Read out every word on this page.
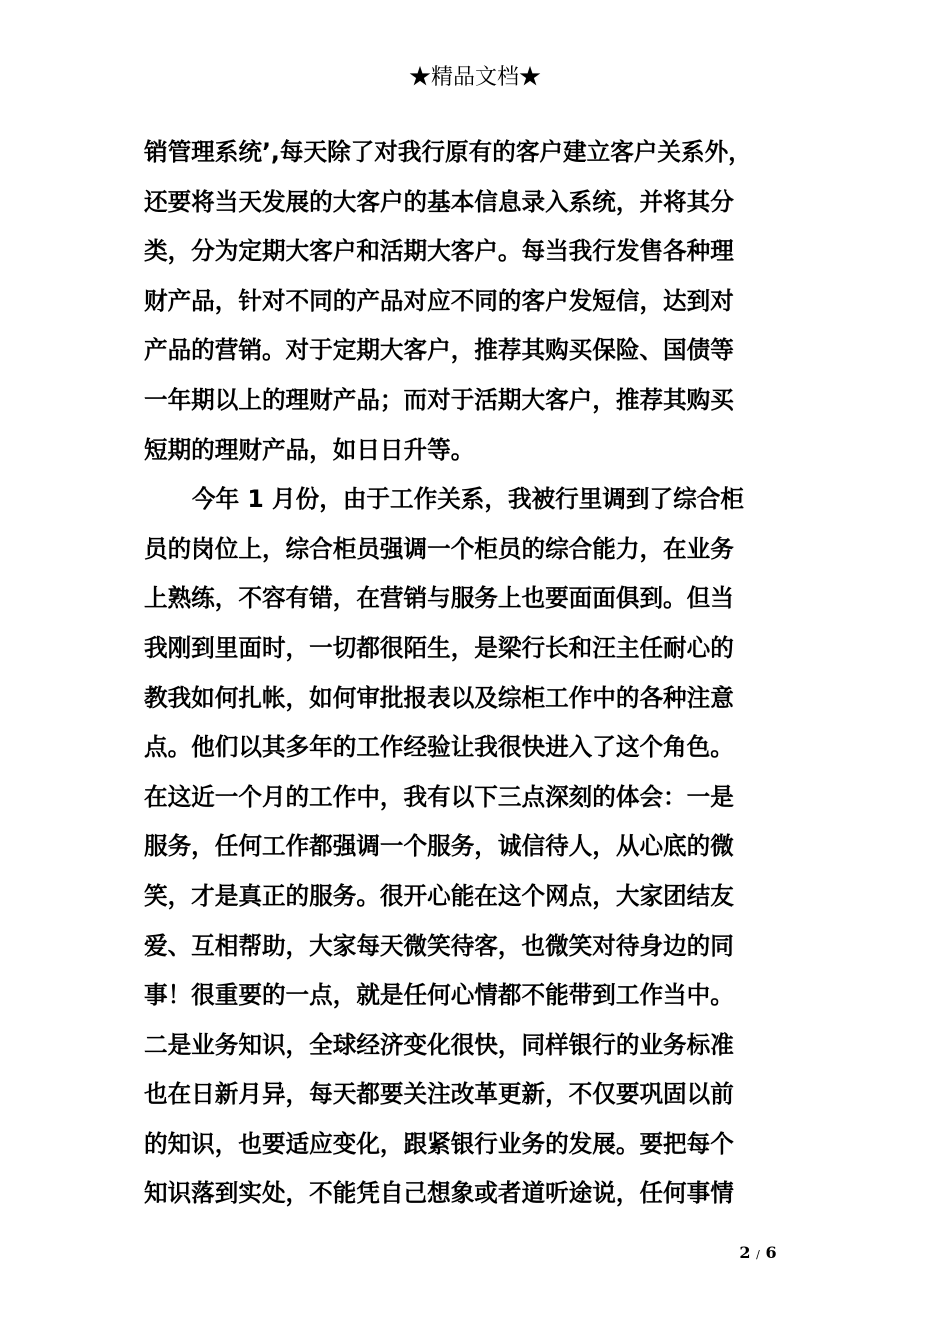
★精品文档★
销管理系统’,每天除了对我行原有的客户建立客户关系外，
还要将当天发展的大客户的基本信息录入系统，并将其分
类，分为定期大客户和活期大客户。每当我行发售各种理
财产品，针对不同的产品对应不同的客户发短信，达到对
产品的营销。对于定期大客户，推荐其购买保险、国债等
一年期以上的理财产品；而对于活期大客户，推荐其购买
短期的理财产品，如日日升等。
今年 1 月份，由于工作关系，我被行里调到了综合柜
员的岗位上，综合柜员强调一个柜员的综合能力，在业务
上熟练，不容有错，在营销与服务上也要面面俱到。但当
我刚到里面时，一切都很陌生，是梁行长和汪主任耐心的
教我如何扎帐，如何审批报表以及综柜工作中的各种注意
点。他们以其多年的工作经验让我很快进入了这个角色。
在这近一个月的工作中，我有以下三点深刻的体会：一是
服务，任何工作都强调一个服务，诚信待人，从心底的微
笑，才是真正的服务。很开心能在这个网点，大家团结友
爱、互相帮助，大家每天微笑待客，也微笑对待身边的同
事！很重要的一点，就是任何心情都不能带到工作当中。
二是业务知识，全球经济变化很快，同样银行的业务标准
也在日新月异，每天都要关注改革更新，不仅要巩固以前
的知识，也要适应变化，跟紧银行业务的发展。要把每个
知识落到实处，不能凭自己想象或者道听途说，任何事情
2 / 6
